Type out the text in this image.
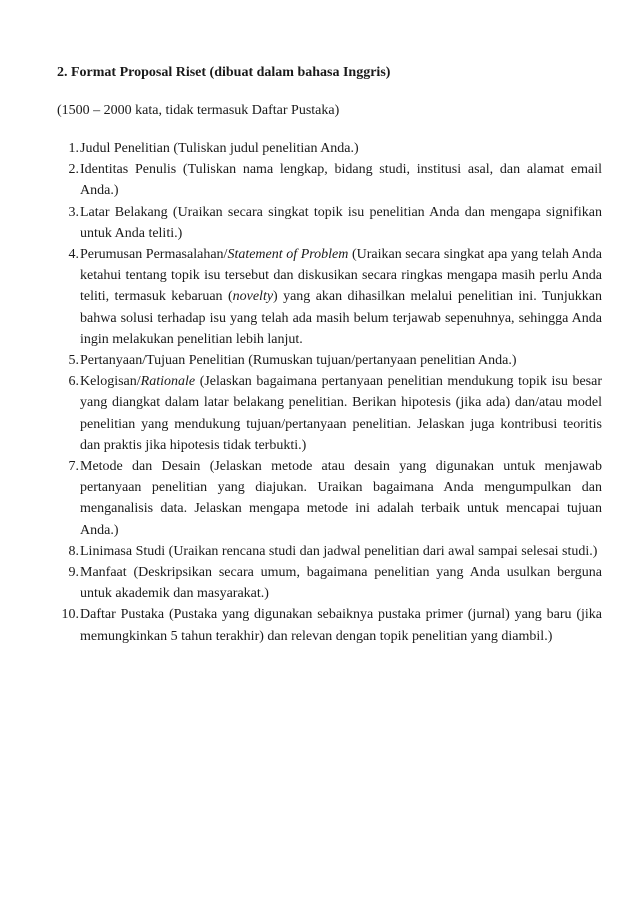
2. Format Proposal Riset (dibuat dalam bahasa Inggris)
(1500 – 2000 kata, tidak termasuk Daftar Pustaka)
1. Judul Penelitian (Tuliskan judul penelitian Anda.)
2. Identitas Penulis (Tuliskan nama lengkap, bidang studi, institusi asal, dan alamat email Anda.)
3. Latar Belakang (Uraikan secara singkat topik isu penelitian Anda dan mengapa signifikan untuk Anda teliti.)
4. Perumusan Permasalahan/Statement of Problem (Uraikan secara singkat apa yang telah Anda ketahui tentang topik isu tersebut dan diskusikan secara ringkas mengapa masih perlu Anda teliti, termasuk kebaruan (novelty) yang akan dihasilkan melalui penelitian ini. Tunjukkan bahwa solusi terhadap isu yang telah ada masih belum terjawab sepenuhnya, sehingga Anda ingin melakukan penelitian lebih lanjut.
5. Pertanyaan/Tujuan Penelitian (Rumuskan tujuan/pertanyaan penelitian Anda.)
6. Kelogisan/Rationale (Jelaskan bagaimana pertanyaan penelitian mendukung topik isu besar yang diangkat dalam latar belakang penelitian. Berikan hipotesis (jika ada) dan/atau model penelitian yang mendukung tujuan/pertanyaan penelitian. Jelaskan juga kontribusi teoritis dan praktis jika hipotesis tidak terbukti.)
7. Metode dan Desain (Jelaskan metode atau desain yang digunakan untuk menjawab pertanyaan penelitian yang diajukan. Uraikan bagaimana Anda mengumpulkan dan menganalisis data. Jelaskan mengapa metode ini adalah terbaik untuk mencapai tujuan Anda.)
8. Linimasa Studi (Uraikan rencana studi dan jadwal penelitian dari awal sampai selesai studi.)
9. Manfaat (Deskripsikan secara umum, bagaimana penelitian yang Anda usulkan berguna untuk akademik dan masyarakat.)
10. Daftar Pustaka (Pustaka yang digunakan sebaiknya pustaka primer (jurnal) yang baru (jika memungkinkan 5 tahun terakhir) dan relevan dengan topik penelitian yang diambil.)
